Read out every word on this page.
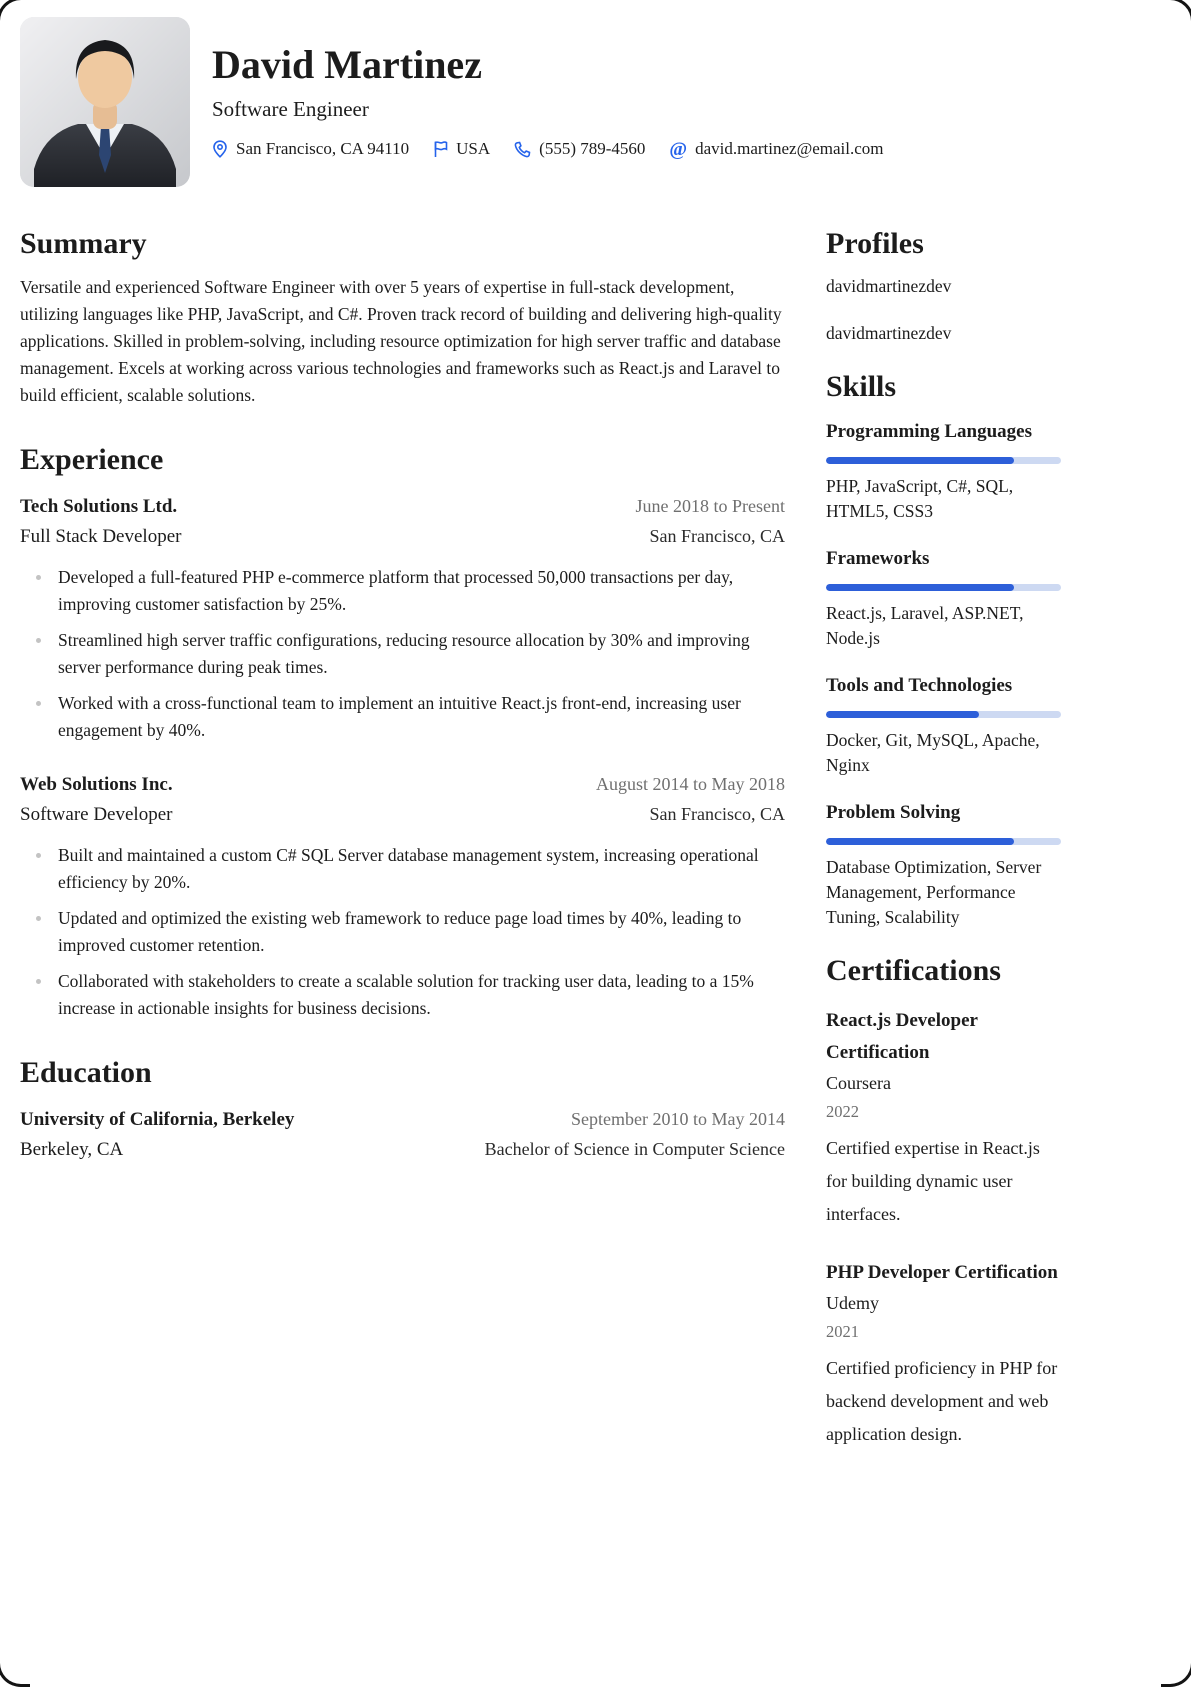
David Martinez
Software Engineer
San Francisco, CA 94110	USA	(555) 789-4560 @ david.martinez@email.com
Summary

Versatile and experienced Software Engineer with over 5 years of expertise in full-stack development, utilizing languages like PHP, JavaScript, and C#. Proven track record of building and delivering high-quality applications. Skilled in problem-solving, including resource optimization for high server traffic and database management. Excels at working across various technologies and frameworks such as React.js and Laravel to build efficient, scalable solutions.

Experience
Tech Solutions Ltd.	June 2018 to Present
Full Stack Developer	San Francisco, CA
Developed a full-featured PHP e-commerce platform that processed 50,000 transactions per day, improving customer satisfaction by 25%.
Streamlined high server traffic configurations, reducing resource allocation by 30% and improving server performance during peak times.
Worked with a cross-functional team to implement an intuitive React.js front-end, increasing user engagement by 40%.
Web Solutions Inc.	August 2014 to May 2018
Software Developer	San Francisco, CA
Built and maintained a custom C# SQL Server database management system, increasing operational efficiency by 20%.
Updated and optimized the existing web framework to reduce page load times by 40%, leading to improved customer retention.
Collaborated with stakeholders to create a scalable solution for tracking user data, leading to a 15% increase in actionable insights for business decisions.
Education
University of California, Berkeley	September 2010 to May 2014
Berkeley, CA	Bachelor of Science in Computer Science
Profiles
davidmartinezdev
davidmartinezdev
Skills
Programming Languages
PHP, JavaScript, C#, SQL, HTML5, CSS3
Frameworks
React.js, Laravel, ASP.NET, Node.js
Tools and Technologies
Docker, Git, MySQL, Apache, Nginx
Problem Solving
Database Optimization, Server Management, Performance Tuning, Scalability
Certifications
React.js Developer Certification
Coursera
2022
Certified expertise in React.js for building dynamic user interfaces.
PHP Developer Certification
Udemy
2021
Certified proficiency in PHP for backend development and web application design.
